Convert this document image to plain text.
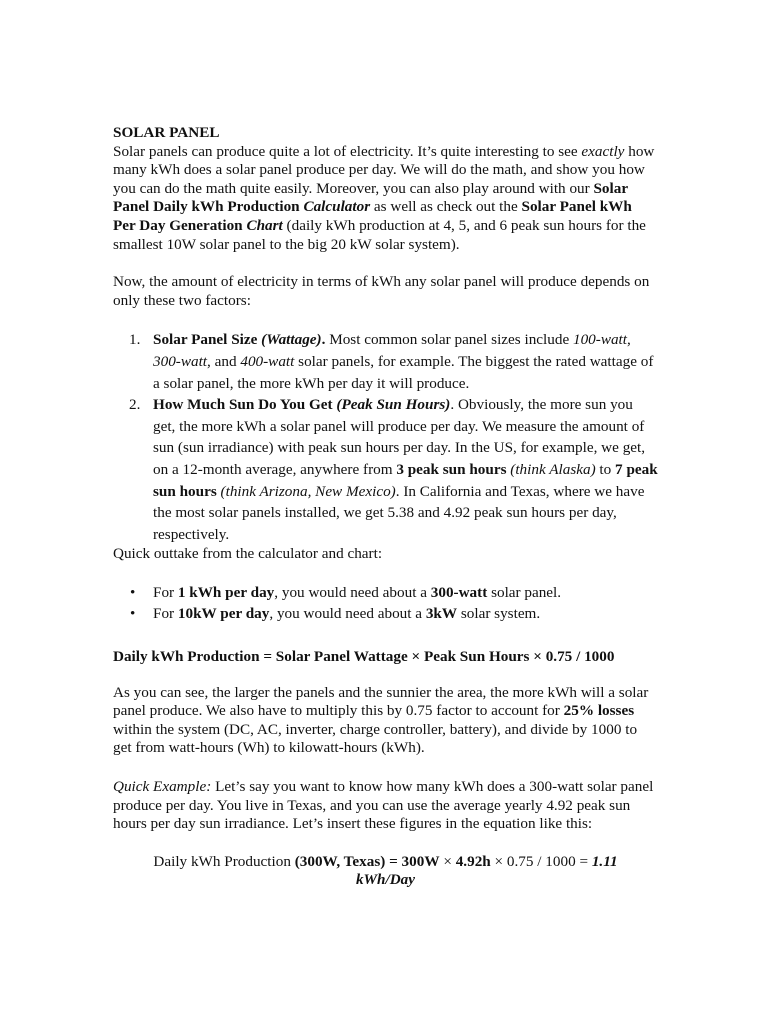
SOLAR PANEL

Solar panels can produce quite a lot of electricity. It’s quite interesting to see exactly how many kWh does a solar panel produce per day. We will do the math, and show you how you can do the math quite easily. Moreover, you can also play around with our Solar Panel Daily kWh Production Calculator as well as check out the Solar Panel kWh Per Day Generation Chart (daily kWh production at 4, 5, and 6 peak sun hours for the smallest 10W solar panel to the big 20 kW solar system).

Now, the amount of electricity in terms of kWh any solar panel will produce depends on only these two factors:

1. Solar Panel Size (Wattage). Most common solar panel sizes include 100-watt, 300-watt, and 400-watt solar panels, for example. The biggest the rated wattage of a solar panel, the more kWh per day it will produce.
2. How Much Sun Do You Get (Peak Sun Hours). Obviously, the more sun you get, the more kWh a solar panel will produce per day. We measure the amount of sun (sun irradiance) with peak sun hours per day. In the US, for example, we get, on a 12-month average, anywhere from 3 peak sun hours (think Alaska) to 7 peak sun hours (think Arizona, New Mexico). In California and Texas, where we have the most solar panels installed, we get 5.38 and 4.92 peak sun hours per day, respectively.

Quick outtake from the calculator and chart:

• For 1 kWh per day, you would need about a 300-watt solar panel.
• For 10kW per day, you would need about a 3kW solar system.

Daily kWh Production = Solar Panel Wattage × Peak Sun Hours × 0.75 / 1000

As you can see, the larger the panels and the sunnier the area, the more kWh will a solar panel produce. We also have to multiply this by 0.75 factor to account for 25% losses within the system (DC, AC, inverter, charge controller, battery), and divide by 1000 to get from watt-hours (Wh) to kilowatt-hours (kWh).

Quick Example: Let’s say you want to know how many kWh does a 300-watt solar panel produce per day. You live in Texas, and you can use the average yearly 4.92 peak sun hours per day sun irradiance. Let’s insert these figures in the equation like this:

Daily kWh Production (300W, Texas) = 300W × 4.92h × 0.75 / 1000 = 1.11 kWh/Day
